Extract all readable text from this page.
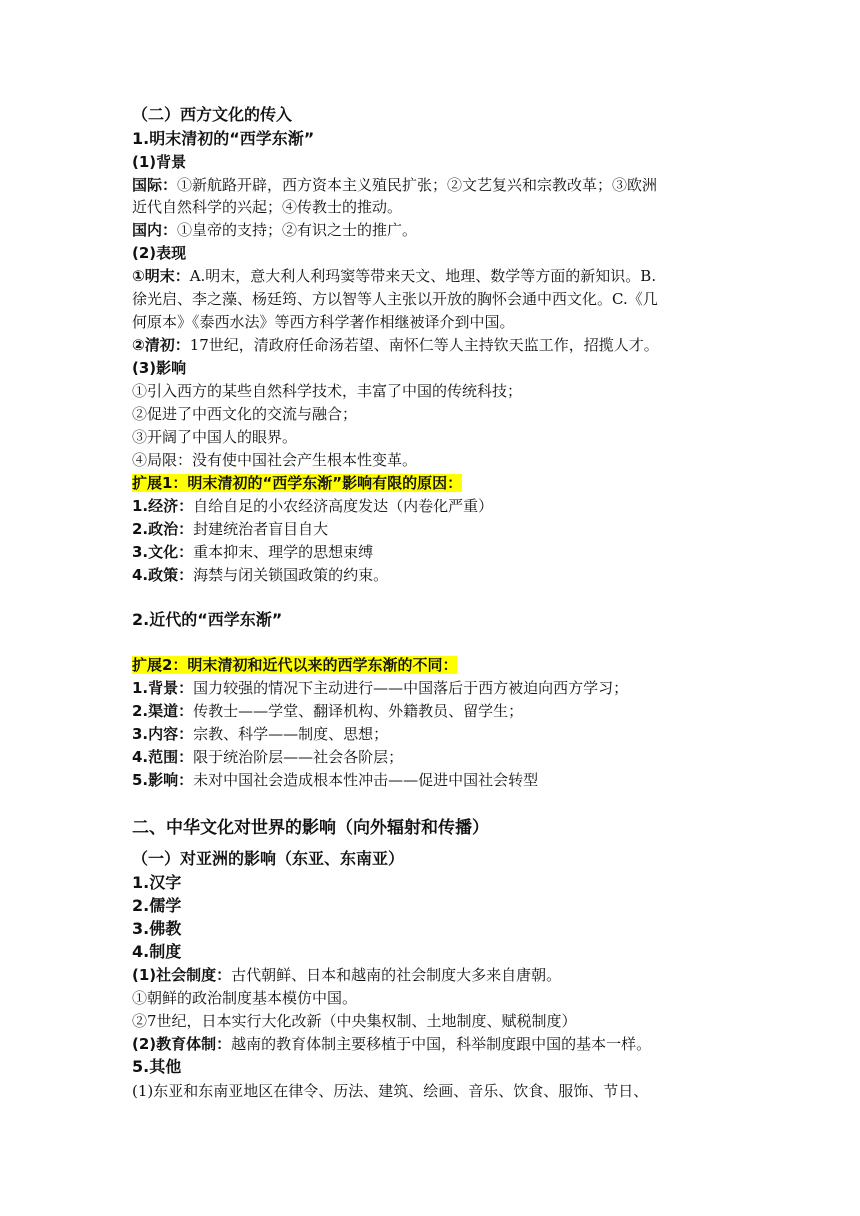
（二）西方文化的传入
1.明末清初的“西学东渐”
(1)背景
国际：①新航路开辟，西方资本主义殖民扩张；②文艺复兴和宗教改革；③欧洲
近代自然科学的兴起；④传教士的推动。
国内：①皇帝的支持；②有识之士的推广。
(2)表现
①明末：A.明末，意大利人利玛窦等带来天文、地理、数学等方面的新知识。B.
徐光启、李之藻、杨廷筠、方以智等人主张以开放的胸怀会通中西文化。C.《几
何原本》《泰西水法》等西方科学著作相继被译介到中国。
②清初：17世纪，清政府任命汤若望、南怀仁等人主持钦天监工作，招揽人才。
(3)影响
①引入西方的某些自然科学技术，丰富了中国的传统科技；
②促进了中西文化的交流与融合；
③开阔了中国人的眼界。
④局限：没有使中国社会产生根本性变革。
扩展1：明末清初的“西学东渐”影响有限的原因：
1.经济：自给自足的小农经济高度发达（内卷化严重）
2.政治：封建统治者盲目自大
3.文化：重本抑末、理学的思想束缚
4.政策：海禁与闭关锁国政策的约束。
2.近代的“西学东渐”
扩展2：明末清初和近代以来的西学东渐的不同：
1.背景：国力较强的情况下主动进行——中国落后于西方被迫向西方学习；
2.渠道：传教士——学堂、翻译机构、外籍教员、留学生；
3.内容：宗教、科学——制度、思想；
4.范围：限于统治阶层——社会各阶层；
5.影响：未对中国社会造成根本性冲击——促进中国社会转型
二、中华文化对世界的影响（向外辐射和传播）
（一）对亚洲的影响（东亚、东南亚）
1.汉字
2.儒学
3.佛教
4.制度
(1)社会制度：古代朝鲜、日本和越南的社会制度大多来自唐朝。
①朝鲜的政治制度基本模仿中国。
②7世纪，日本实行大化改新（中央集权制、土地制度、赋税制度）
(2)教育体制：越南的教育体制主要移植于中国，科举制度跟中国的基本一样。
5.其他
(1)东亚和东南亚地区在律令、历法、建筑、绘画、音乐、饮食、服饰、节日、
